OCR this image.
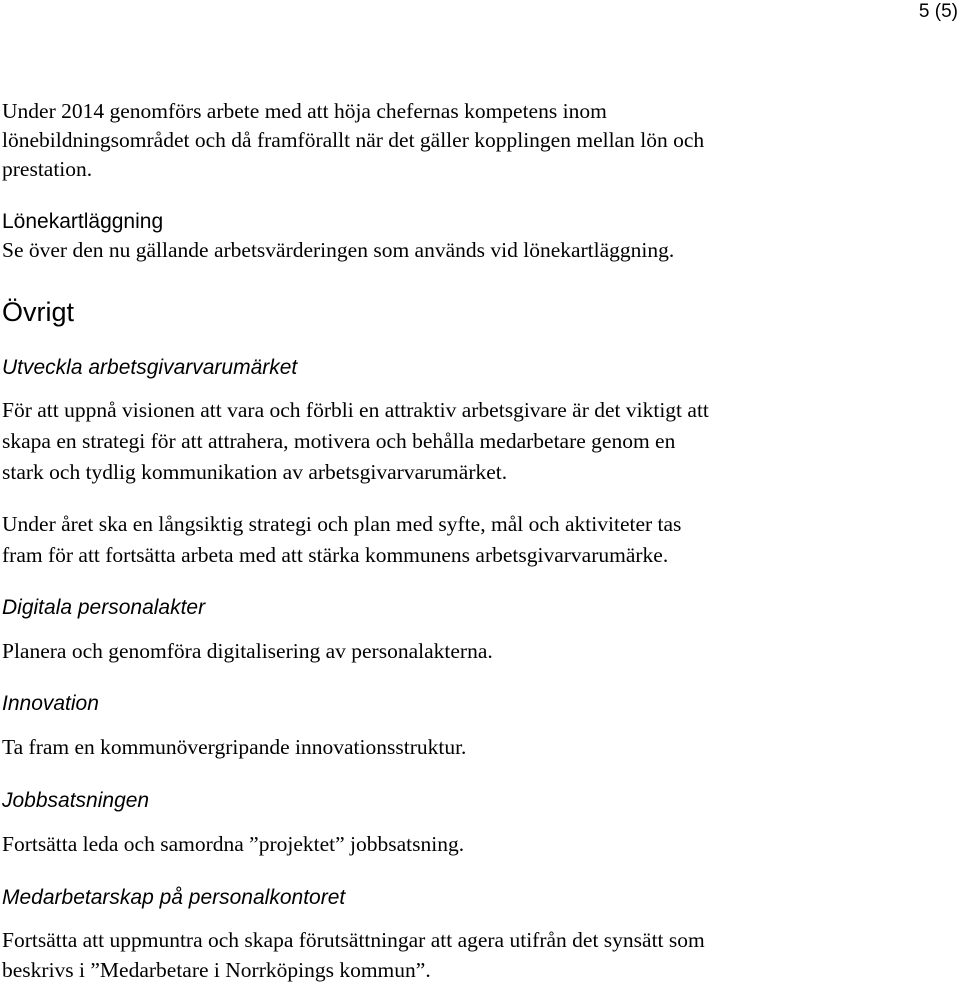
5 (5)
Under 2014 genomförs arbete med att höja chefernas kompetens inom
lönebildningsområdet och då framförallt när det gäller kopplingen mellan lön och
prestation.
Lönekartläggning
Se över den nu gällande arbetsvärderingen som används vid lönekartläggning.
Övrigt
Utveckla arbetsgivarvarumärket
För att uppnå visionen att vara och förbli en attraktiv arbetsgivare är det viktigt att
skapa en strategi för att attrahera, motivera och behålla medarbetare genom en
stark och tydlig kommunikation av arbetsgivarvarumärket.
Under året ska en långsiktig strategi och plan med syfte, mål och aktiviteter tas
fram för att fortsätta arbeta med att stärka kommunens arbetsgivarvarumärke.
Digitala personalakter
Planera och genomföra digitalisering av personalakterna.
Innovation
Ta fram en kommunövergripande innovationsstruktur.
Jobbsatsningen
Fortsätta leda och samordna ”projektet” jobbsatsning.
Medarbetarskap på personalkontoret
Fortsätta att uppmuntra och skapa förutsättningar att agera utifrån det synsätt som
beskrivs i ”Medarbetare i Norrköpings kommun”.
